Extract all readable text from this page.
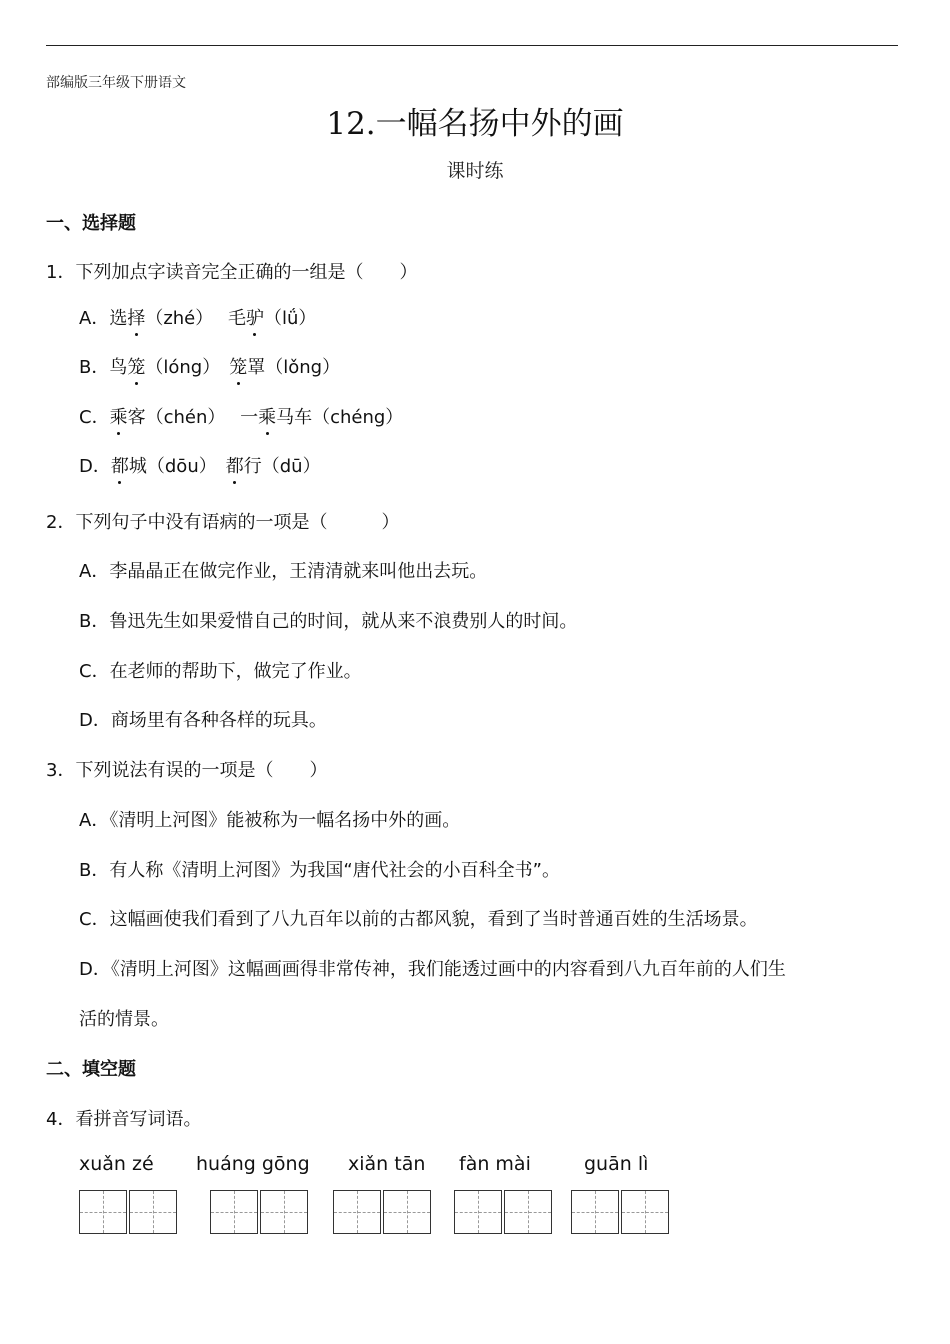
部编版三年级下册语文
12.一幅名扬中外的画
课时练
一、选择题
1．下列加点字读音完全正确的一组是（　　）
A．选择（zhé）　 毛驴（lǘ）
B．鸟笼（lóng）　笼罩（lǒng）
C．乘客（chén）　 一乘马车（chéng）
D．都城（dōu）　都行（dū）
2．下列句子中没有语病的一项是（　　　）
A．李晶晶正在做完作业，王清清就来叫他出去玩。
B．鲁迅先生如果爱惜自己的时间，就从来不浪费别人的时间。
C．在老师的帮助下，做完了作业。
D．商场里有各种各样的玩具。
3．下列说法有误的一项是（　　）
A．《清明上河图》能被称为一幅名扬中外的画。
B．有人称《清明上河图》为我国“唐代社会的小百科全书”。
C．这幅画使我们看到了八九百年以前的古都风貌，看到了当时普通百姓的生活场景。
D．《清明上河图》这幅画画得非常传神，我们能透过画中的内容看到八九百年前的人们生
活的情景。
二、填空题
4．看拼音写词语。
xuǎn zé huáng gōng xiǎn tān fàn mài	guān lì
